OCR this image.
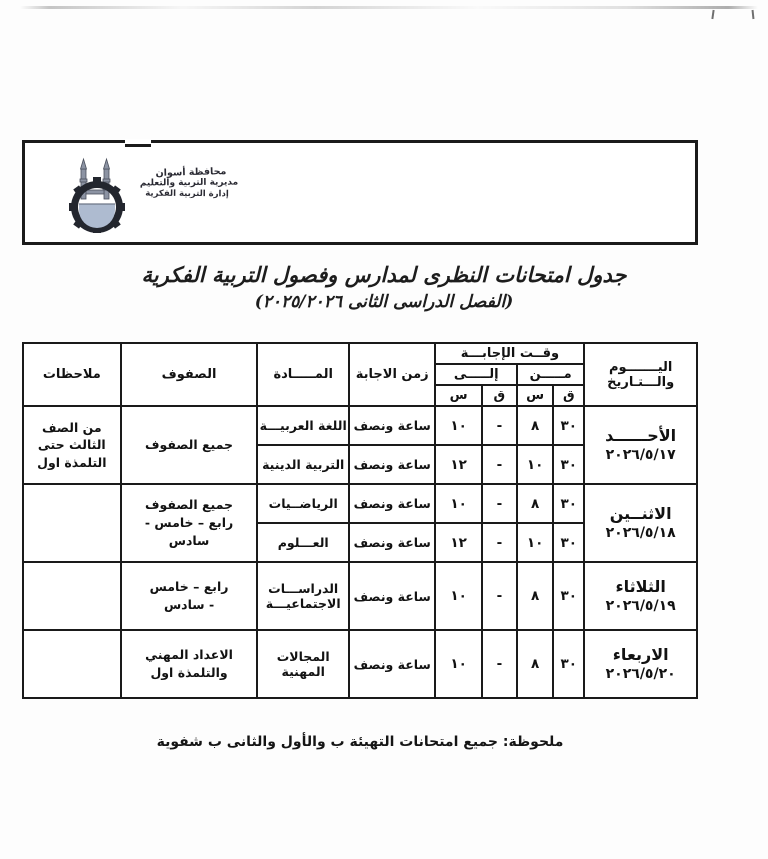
محافظة أسوان
مديرية التربية والتعليم
إدارة التربية الفكرية
جدول امتحانات النظرى لمدارس وفصول التربية الفكرية
(الفصل الدراسى الثانى ٢٠٢٥/٢٠٢٦)
اليـــــــوم
والـــتـاريخ	وقــت الإجابـــة				زمن الاجابة	المـــــادة	الصفوف	ملاحظات
	مـــــن		إلـــــى					
	ق	س	ق	س				

الأحــــــد
٢٠٢٦/٥/١٧	٣٠	٨	-	١٠	ساعة ونصف	اللغة العربيـــة	جميع الصفوف	من الصف
الثالث حتى
التلمذة اول
	٣٠	١٠	-	١٢	ساعة ونصف	التربية الدينية		

الاثنــين
٢٠٢٦/٥/١٨	٣٠	٨	-	١٠	ساعة ونصف	الرياضــيات	جميع الصفوف
رابع – خامس -
سادس	
	٣٠	١٠	-	١٢	ساعة ونصف	العـــلوم		

الثلاثاء
٢٠٢٦/٥/١٩	٣٠	٨	-	١٠	ساعة ونصف	الدراســـات الاجتماعيـــة	رابع – خامس
- سادس	

الاربعاء
٢٠٢٦/٥/٢٠	٣٠	٨	-	١٠	ساعة ونصف	المجالات المهنية	الاعداد المهني
والتلمذة اول	
ملحوظة: جميع امتحانات التهيئة ب والأول والثانى ب شفوية
